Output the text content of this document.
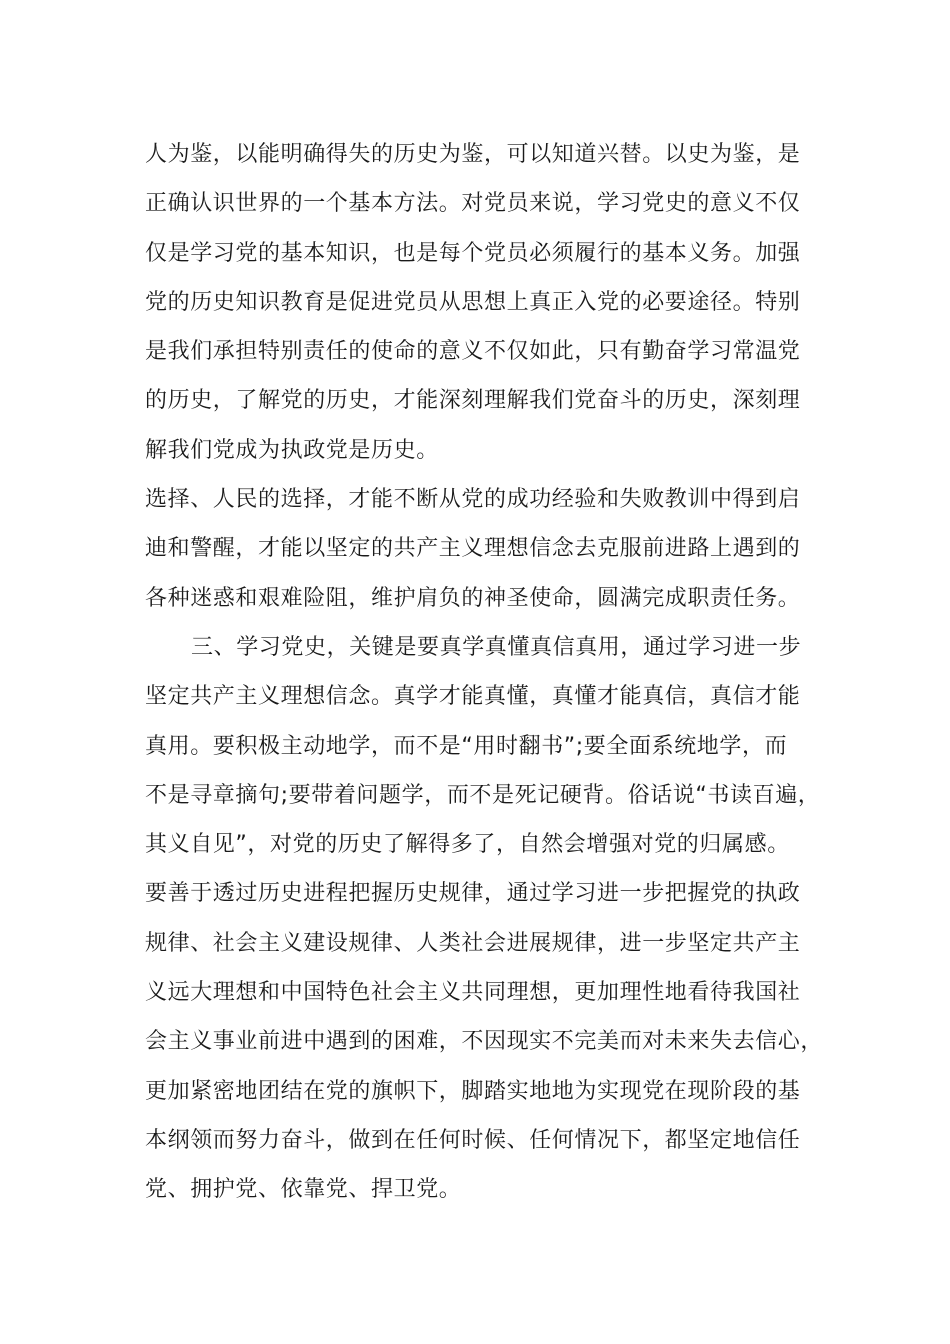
人为鉴，以能明确得失的历史为鉴，可以知道兴替。以史为鉴，是
正确认识世界的一个基本方法。对党员来说，学习党史的意义不仅
仅是学习党的基本知识，也是每个党员必须履行的基本义务。加强
党的历史知识教育是促进党员从思想上真正入党的必要途径。特别
是我们承担特别责任的使命的意义不仅如此，只有勤奋学习常温党
的历史，了解党的历史，才能深刻理解我们党奋斗的历史，深刻理
解我们党成为执政党是历史。
选择、人民的选择，才能不断从党的成功经验和失败教训中得到启
迪和警醒，才能以坚定的共产主义理想信念去克服前进路上遇到的
各种迷惑和艰难险阻，维护肩负的神圣使命，圆满完成职责任务。
三、学习党史，关键是要真学真懂真信真用，通过学习进一步
坚定共产主义理想信念。真学才能真懂，真懂才能真信，真信才能
真用。要积极主动地学，而不是“用时翻书”;要全面系统地学，而
不是寻章摘句;要带着问题学，而不是死记硬背。俗话说“书读百遍，
其义自见”，对党的历史了解得多了，自然会增强对党的归属感。
要善于透过历史进程把握历史规律，通过学习进一步把握党的执政
规律、社会主义建设规律、人类社会进展规律，进一步坚定共产主
义远大理想和中国特色社会主义共同理想，更加理性地看待我国社
会主义事业前进中遇到的困难，不因现实不完美而对未来失去信心，
更加紧密地团结在党的旗帜下，脚踏实地地为实现党在现阶段的基
本纲领而努力奋斗，做到在任何时候、任何情况下，都坚定地信任
党、拥护党、依靠党、捍卫党。
